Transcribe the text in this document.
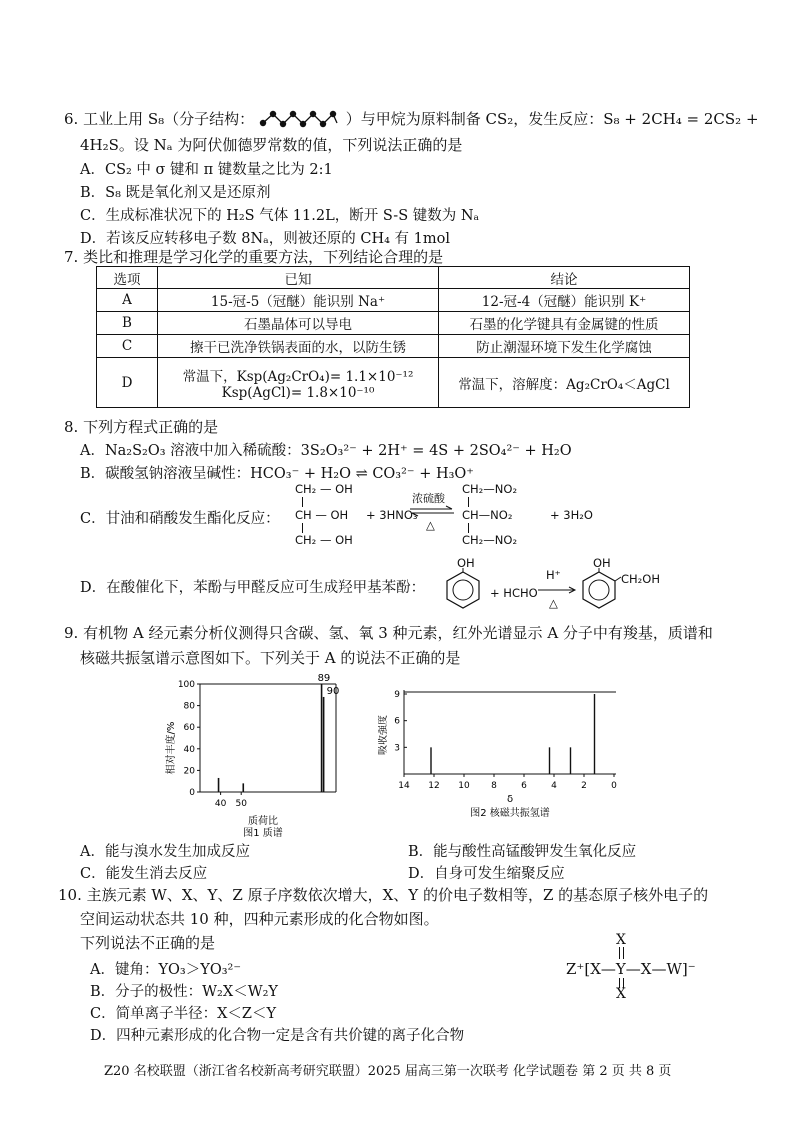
6. 工业上用 S₈（分子结构：	）与甲烷为原料制备 CS₂，发生反应：S₈ + 2CH₄ = 2CS₂ +
4H₂S。设 Nₐ 为阿伏伽德罗常数的值，下列说法正确的是
A．CS₂ 中 σ 键和 π 键数量之比为 2:1
B．S₈ 既是氧化剂又是还原剂
C．生成标准状况下的 H₂S 气体 11.2L，断开 S-S 键数为 Nₐ
D．若该反应转移电子数 8Nₐ，则被还原的 CH₄ 有 1mol
7. 类比和推理是学习化学的重要方法，下列结论合理的是
选项	已知	结论
A	15-冠-5（冠醚）能识别 Na⁺	12-冠-4（冠醚）能识别 K⁺
B	石墨晶体可以导电	石墨的化学键具有金属键的性质
C	擦干已洗净铁锅表面的水，以防生锈	防止潮湿环境下发生化学腐蚀
D	常温下，Ksp(Ag₂CrO₄)= 1.1×10⁻¹²
Ksp(AgCl)= 1.8×10⁻¹⁰	常温下，溶解度：Ag₂CrO₄＜AgCl
8. 下列方程式正确的是
A．Na₂S₂O₃ 溶液中加入稀硫酸：3S₂O₃²⁻ + 2H⁺ = 4S + 2SO₄²⁻ + H₂O
B．碳酸氢钠溶液呈碱性：HCO₃⁻ + H₂O ⇌ CO₃²⁻ + H₃O⁺
C．甘油和硝酸发生酯化反应：
CH₂ — OH
CH — OH
CH₂ — OH
+ 3HNO₃
浓硫酸
△
CH₂—NO₂
CH—NO₂
CH₂—NO₂
+ 3H₂O
D．在酸催化下，苯酚与甲醛反应可生成羟甲基苯酚：
OH
+ HCHO
H⁺
△
OH
CH₂OH
9. 有机物 A 经元素分析仪测得只含碳、氢、氧 3 种元素，红外光谱显示 A 分子中有羧基，质谱和
核磁共振氢谱示意图如下。下列关于 A 的说法不正确的是
相对丰度/%
100
80
60
40
20
0
40 50
89
90
质荷比
图1 质谱
吸收强度
9
6
3
14 12 10 8	6	4	2	0
δ
图2 核磁共振氢谱
A．能与溴水发生加成反应	B．能与酸性高锰酸钾发生氧化反应
C．能发生消去反应	D．自身可发生缩聚反应
10. 主族元素 W、X、Y、Z 原子序数依次增大，X、Y 的价电子数相等，Z 的基态原子核外电子的
空间运动状态共 10 种，四种元素形成的化合物如图。
下列说法不正确的是
A．键角：YO₃＞YO₃²⁻
B．分子的极性：W₂X＜W₂Y
C．简单离子半径：X＜Z＜Y
D．四种元素形成的化合物一定是含有共价键的离子化合物
X
Z⁺[X—Y—X—W]⁻
X
Z20 名校联盟（浙江省名校新高考研究联盟）2025 届高三第一次联考 化学试题卷 第 2 页 共 8 页
